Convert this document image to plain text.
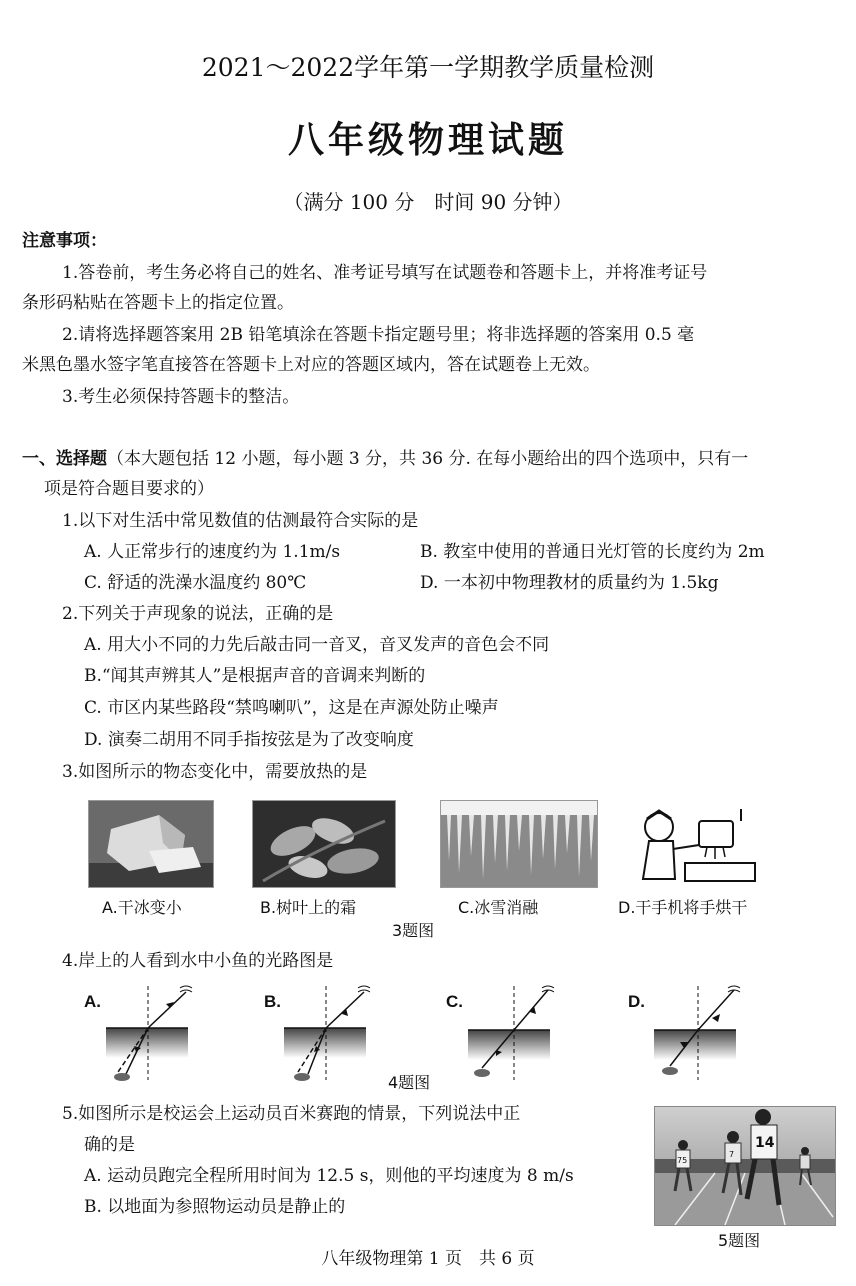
2021～2022学年第一学期教学质量检测
八年级物理试题
（满分 100 分　时间 90 分钟）
注意事项：
1.答卷前，考生务必将自己的姓名、准考证号填写在试题卷和答题卡上，并将准考证号
条形码粘贴在答题卡上的指定位置。
2.请将选择题答案用 2B 铅笔填涂在答题卡指定题号里；将非选择题的答案用 0.5 毫
米黑色墨水签字笔直接答在答题卡上对应的答题区域内，答在试题卷上无效。
3.考生必须保持答题卡的整洁。
一、选择题（本大题包括 12 小题，每小题 3 分，共 36 分. 在每小题给出的四个选项中，只有一
项是符合题目要求的）
1.以下对生活中常见数值的估测最符合实际的是
A. 人正常步行的速度约为 1.1m/s	B. 教室中使用的普通日光灯管的长度约为 2m
C. 舒适的洗澡水温度约 80℃	D. 一本初中物理教材的质量约为 1.5kg
2.下列关于声现象的说法，正确的是
A. 用大小不同的力先后敲击同一音叉，音叉发声的音色会不同
B.“闻其声辨其人”是根据声音的音调来判断的
C. 市区内某些路段“禁鸣喇叭”，这是在声源处防止噪声
D. 演奏二胡用不同手指按弦是为了改变响度
3.如图所示的物态变化中，需要放热的是
A.干冰变小	B.树叶上的霜	C.冰雪消融	D.干手机将手烘干
3题图
4.岸上的人看到水中小鱼的光路图是
A.	B.	C.	D.
4题图
5.如图所示是校运会上运动员百米赛跑的情景，下列说法中正
确的是
A. 运动员跑完全程所用时间为 12.5 s，则他的平均速度为 8 m/s
B. 以地面为参照物运动员是静止的
14
75
7
5题图
八年级物理第 1 页　共 6 页
